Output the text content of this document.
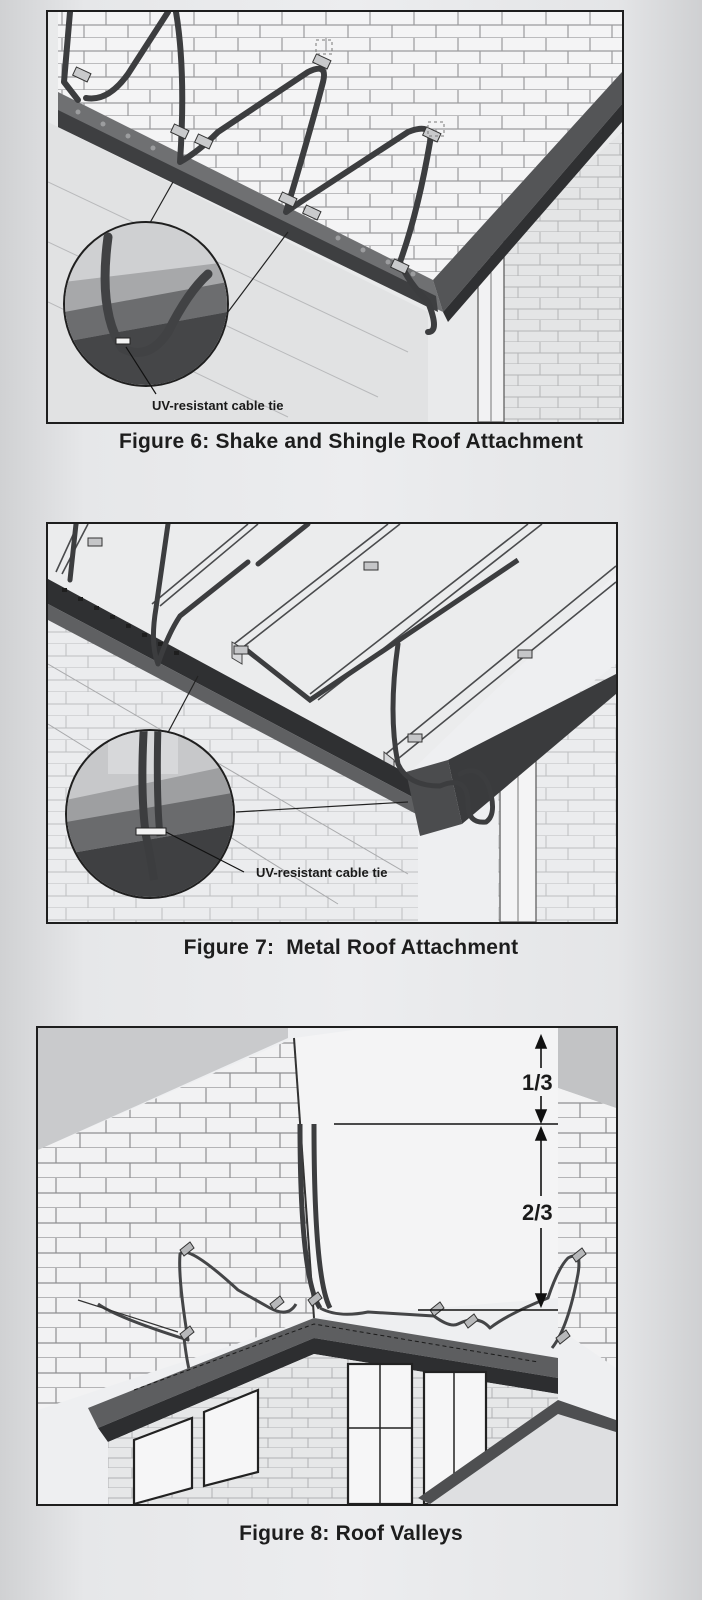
UV-resistant cable tie
Figure 6: Shake and Shingle Roof Attachment
UV-resistant cable tie
Figure 7:  Metal Roof Attachment
1/3
2/3
Figure 8: Roof Valleys
